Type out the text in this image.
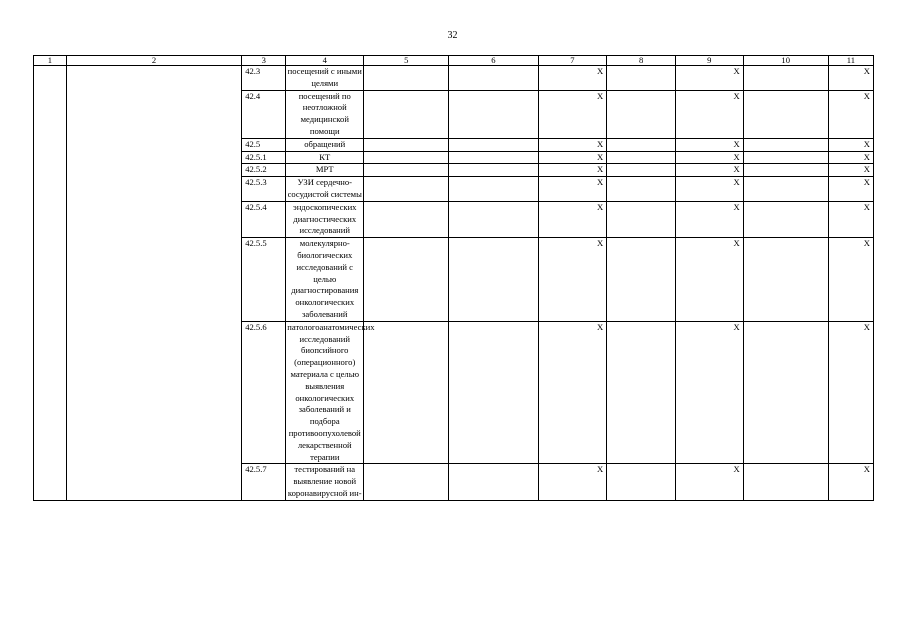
32
1	2	3	4	5	6	7	8	9	10	11
		42.3	посещений с иными целями			X		X		X
		42.4	посещений по неотложной медицинской помощи			X		X		X
		42.5	обращений			X		X		X
		42.5.1	КТ			X		X		X
		42.5.2	МРТ			X		X		X
		42.5.3	УЗИ сердечно-сосудистой системы			X		X		X
		42.5.4	эндоскопических диагностических исследований			X		X		X
		42.5.5	молекулярно-биологических исследований с целью диагностирования онкологических заболеваний			X		X		X
		42.5.6	патологоанатомических исследований биопсийного (операционного) материала с целью выявления онкологических заболеваний и подбора противоопухолевой лекарственной терапии			X		X		X
		42.5.7	тестирований на выявление новой коронавирусной ин-			X		X		X
